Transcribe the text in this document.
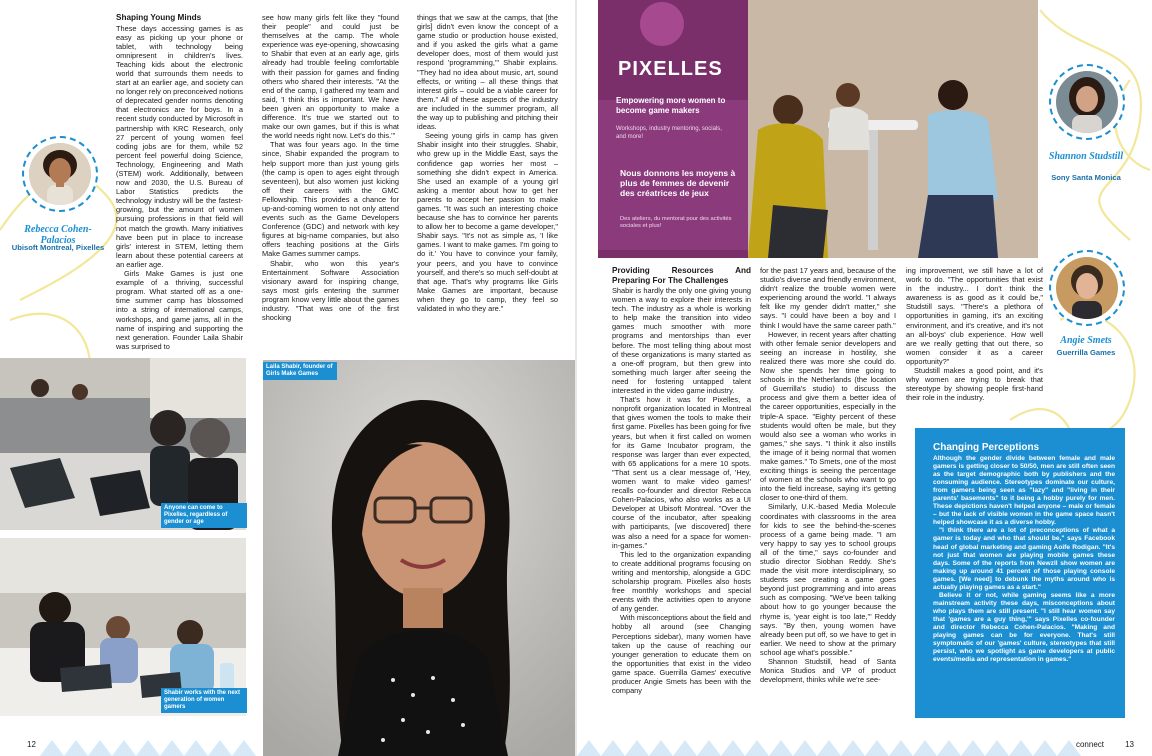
Shaping Young Minds

These days accessing games is as easy as picking up your phone or tablet, with technology being omnipresent in children's lives. Teaching kids about the electronic world that surrounds them needs to start at an earlier age, and society can no longer rely on preconceived notions of deprecated gender norms denoting that electronics are for boys. In a recent study conducted by Microsoft in partnership with KRC Research, only 27 percent of young women feel coding jobs are for them, while 52 percent feel powerful doing Science, Technology, Engineering and Math (STEM) work. Additionally, between now and 2030, the U.S. Bureau of Labor Statistics predicts the technology industry will be the fastest-growing, but the amount of women pursuing professions in that field will not match the growth. Many initiatives have been put in place to increase girls' interest in STEM, letting them learn about these potential careers at an earlier age.

Girls Make Games is just one example of a thriving, successful program. What started off as a one-time summer camp has blossomed into a string of international camps, workshops, and game jams, all in the name of inspiring and supporting the next generation. Founder Laila Shabir was surprised to

see how many girls felt like they "found their people" and could just be themselves at the camp. The whole experience was eye-opening, showcasing to Shabir that even at an early age, girls already had trouble feeling comfortable with their passion for games and finding others who shared their interests. "At the end of the camp, I gathered my team and said, 'I think this is important. We have been given an opportunity to make a difference. It's true we started out to make our own games, but if this is what the world needs right now. Let's do this.'"

That was four years ago. In the time since, Shabir expanded the program to help support more than just young girls (the camp is open to ages eight through seventeen), but also women just kicking off their careers with the GMC Fellowship. This provides a chance for up-and-coming women to not only attend events such as the Game Developers Conference (GDC) and network with key figures at big-name companies, but also offers teaching positions at the Girls Make Games summer camps.

Shabir, who won this year's Entertainment Software Association visionary award for inspiring change, says most girls entering the summer program know very little about the games industry. "That was one of the first shocking

things that we saw at the camps, that [the girls] didn't even know the concept of a game studio or production house existed, and if you asked the girls what a game developer does, most of them would just respond 'programming,'" Shabir explains. "They had no idea about music, art, sound effects, or writing – all these things that interest girls – could be a viable career for them." All of these aspects of the industry are included in the summer program, all the way up to publishing and pitching their ideas.

Seeing young girls in camp has given Shabir insight into their struggles. Shabir, who grew up in the Middle East, says the confidence gap worries her most – something she didn't expect in America. She used an example of a young girl asking a mentor about how to get her parents to accept her passion to make games. "It was such an interesting choice because she has to convince her parents to allow her to become a game developer," Shabir says. "It's not as simple as, 'I like games. I want to make games. I'm going to do it.' You have to convince your family, your peers, and you have to convince yourself, and there's so much self-doubt at that age. That's why programs like Girls Make Games are important, because when they go to camp, they feel so validated in who they are."

Rebecca Cohen-Palacios
Ubisoft Montreal, Pixelles
Anyone can come to Pixelles, regardless of gender or age
Shabir works with the next generation of women gamers
Laila Shabir, founder of Girls Make Games
12
PIXELLES
Empowering more women to become game makers
Workshops, industry mentoring, socials, and more!
Nous donnons les moyens à plus de femmes de devenir des créatrices de jeux
Des ateliers, du mentorat pour des activités sociales et plus!
Providing Resources And Preparing For The Challenges

Shabir is hardly the only one giving young women a way to explore their interests in tech. The industry as a whole is working to help make the transition into video games much smoother with more programs and mentorships than ever before. The most telling thing about most of these organizations is many started as a one-off program, but then grew into something much larger after seeing the need for fostering untapped talent interested in the video game industry.

That's how it was for Pixelles, a nonprofit organization located in Montreal that gives women the tools to make their first game. Pixelles has been going for five years, but when it first called on women for its Game Incubator program, the response was larger than ever expected, with 65 applications for a mere 10 spots. "That sent us a clear message of, 'Hey, women want to make video games!' recalls co-founder and director Rebecca Cohen-Palacios, who also works as a UI Developer at Ubisoft Montreal. "Over the course of the incubator, after speaking with participants, [we discovered] there was also a need for a space for women-in-games."

This led to the organization expanding to create additional programs focusing on writing and mentorship, alongside a GDC scholarship program. Pixelles also hosts free monthly workshops and special events with the activities open to anyone of any gender.

With misconceptions about the field and hobby all around (see Changing Perceptions sidebar), many women have taken up the cause of reaching our younger generation to educate them on the opportunities that exist in the video game space. Guerrilla Games' executive producer Angie Smets has been with the company

for the past 17 years and, because of the studio's diverse and friendly environment, didn't realize the trouble women were experiencing around the world. "I always felt like my gender didn't matter," she says. "I could have been a boy and I think I would have the same career path."

However, in recent years after chatting with other female senior developers and seeing an increase in hostility, she realized there was more she could do. Now she spends her time going to schools in the Netherlands (the location of Guerrilla's studio) to discuss the process and give them a better idea of the career opportunities, especially in the triple-A space. "Eighty percent of these students would often be male, but they would also see a woman who works in games," she says. "I think it also instills the image of it being normal that women make games." To Smets, one of the most exciting things is seeing the percentage of women at the schools who want to go into the field increase, saying it's getting closer to one-third of them.

Similarly, U.K.-based Media Molecule coordinates with classrooms in the area for kids to see the behind-the-scenes process of a game being made. "I am very happy to say yes to school groups all of the time," says co-founder and studio director Siobhan Reddy. She's made the visit more interdisciplinary, so students see creating a game goes beyond just programming and into areas such as composing. "We've been talking about how to go younger because the rhyme is, 'year eight is too late,'" Reddy says. "By then, young women have already been put off, so we have to get in earlier. We need to show at the primary school age what's possible."

Shannon Studstill, head of Santa Monica Studios and VP of product development, thinks while we're see-

ing improvement, we still have a lot of work to do. "The opportunities that exist in the industry... I don't think the awareness is as good as it could be," Studstill says. "There's a plethora of opportunities in gaming, it's an exciting environment, and it's creative, and it's not an all-boys' club experience. How well are we really getting that out there, so women consider it as a career opportunity?"

Studstill makes a good point, and it's why women are trying to break that stereotype by showing people first-hand their role in the industry.

Shannon Studstill
Sony Santa Monica
Angie Smets
Guerrilla Games
Changing Perceptions

Although the gender divide between female and male gamers is getting closer to 50/50, men are still often seen as the target demographic both by publishers and the consuming audience. Stereotypes dominate our culture, from gamers being seen as "lazy" and "living in their parents' basements" to it being a hobby purely for men. These depictions haven't helped anyone – male or female – but the lack of visible women in the game space hasn't helped showcase it as a diverse hobby.

"I think there are a lot of preconceptions of what a gamer is today and who that should be," says Facebook head of global marketing and gaming Aoife Rodigan. "It's not just that women are playing mobile games these days. Some of the reports from Newzll show women are making up around 41 percent of those playing console games. [We need] to debunk the myths around who is actually playing games as a start."

Believe it or not, while gaming seems like a more mainstream activity these days, misconceptions about who plays them are still present. "I still hear women say that 'games are a guy thing,'" says Pixelles co-founder and director Rebecca Cohen-Palacios. "Making and playing games can be for everyone. That's still symptomatic of our 'games' culture, stereotypes that still persist, who we spotlight as game developers at public events/media and representation in games."

connect	13
